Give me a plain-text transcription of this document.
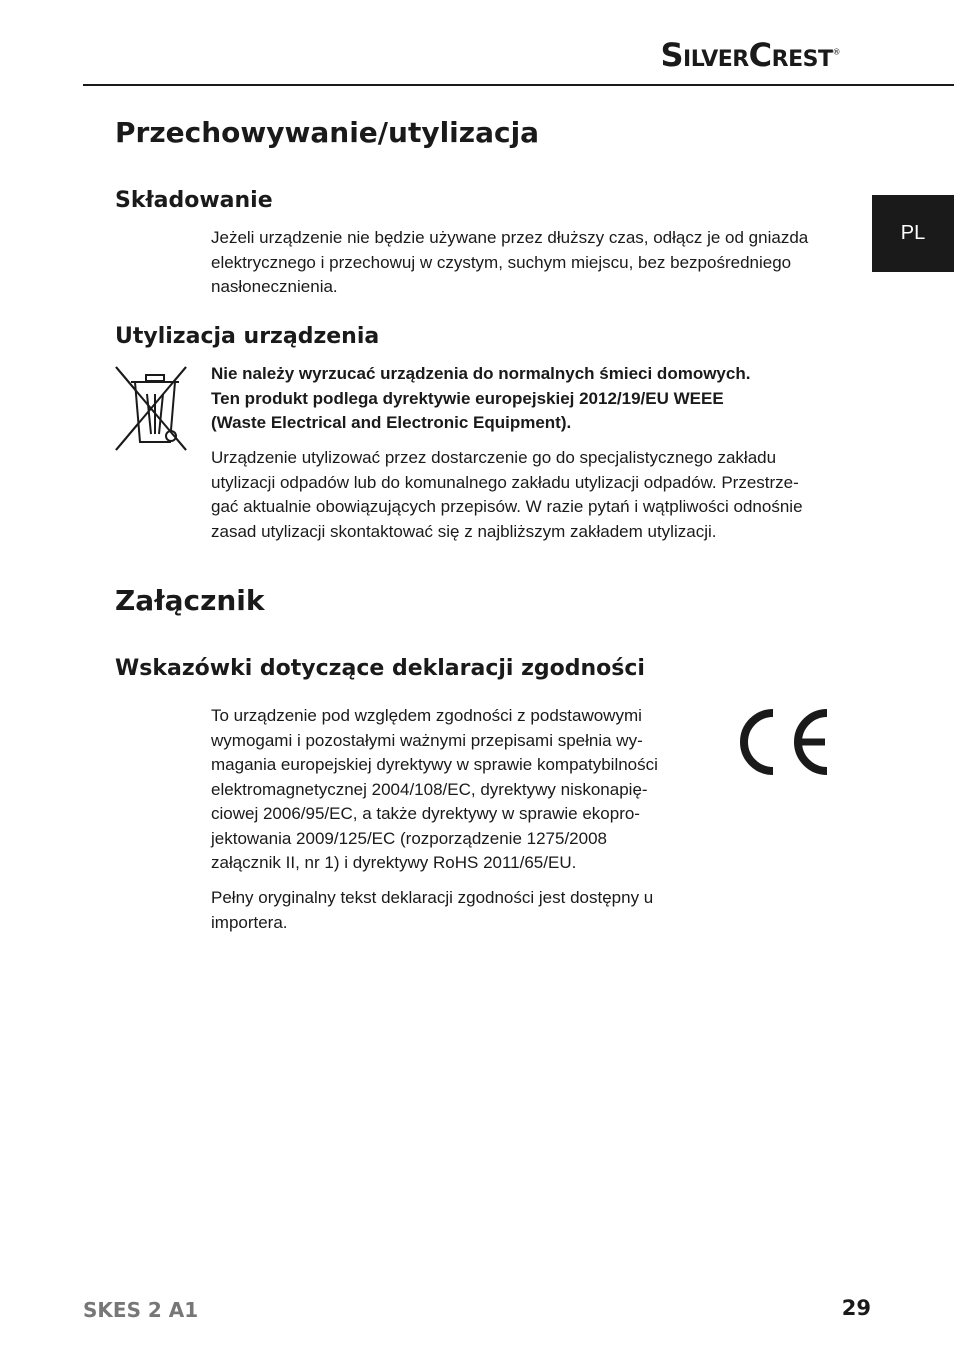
SilverCrest®
PL
Przechowywanie/utylizacja
Składowanie

Jeżeli urządzenie nie będzie używane przez dłuższy czas, odłącz je od gniazda elektrycznego i przechowuj w czystym, suchym miejscu, bez bezpośredniego nasłonecznienia.

Utylizacja urządzenia

Nie należy wyrzucać urządzenia do normalnych śmieci domowych.
Ten produkt podlega dyrektywie europejskiej 2012/19/EU WEEE
(Waste Electrical and Electronic Equipment).

Urządzenie utylizować przez dostarczenie go do specjalistycznego zakładu
utylizacji odpadów lub do komunalnego zakładu utylizacji odpadów. Przestrze-
gać aktualnie obowiązujących przepisów. W razie pytań i wątpliwości odnośnie
zasad utylizacji skontaktować się z najbliższym zakładem utylizacji.

Załącznik
Wskazówki dotyczące deklaracji zgodności

To urządzenie pod względem zgodności z podstawowymi
wymogami i pozostałymi ważnymi przepisami spełnia wy-
magania europejskiej dyrektywy w sprawie kompatybilności
elektromagnetycznej 2004/108/EC, dyrektywy niskonapię-
ciowej 2006/95/EC, a także dyrektywy w sprawie ekopro-
jektowania 2009/125/EC (rozporządzenie 1275/2008
załącznik II, nr 1) i dyrektywy RoHS 2011/65/EU.

Pełny oryginalny tekst deklaracji zgodności jest dostępny u
importera.

SKES 2 A1	29
